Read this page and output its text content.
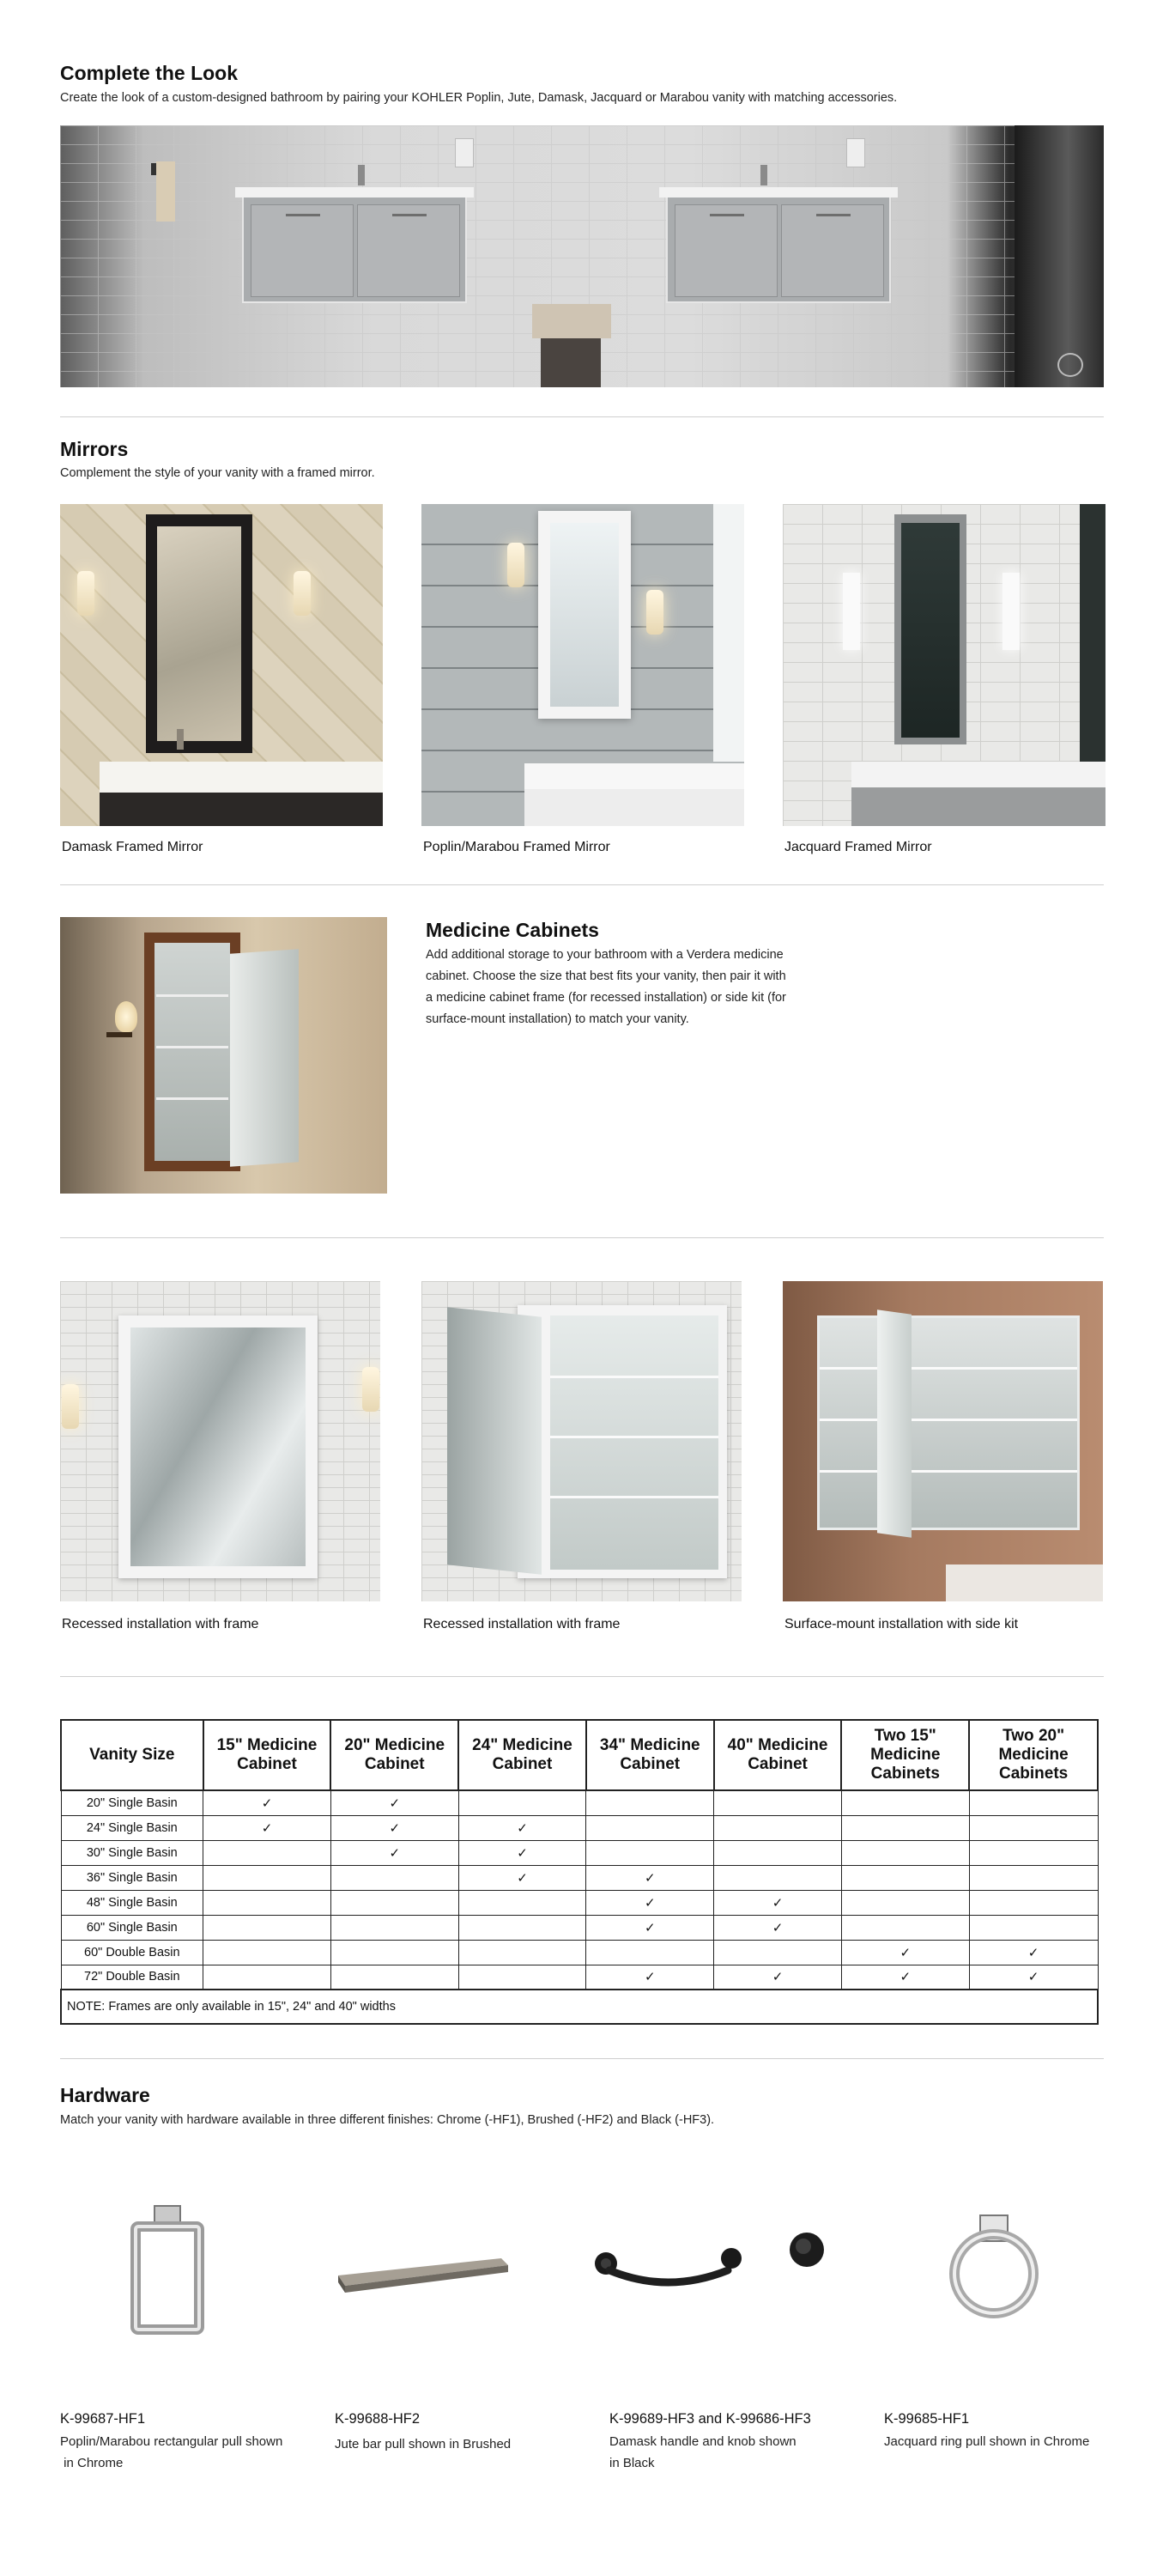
Complete the Look

Create the look of a custom-designed bathroom by pairing your KOHLER Poplin, Jute, Damask, Jacquard or Marabou vanity with matching accessories.

Mirrors

Complement the style of your vanity with a framed mirror.

Damask Framed Mirror	Poplin/Marabou Framed Mirror	Jacquard Framed Mirror
Medicine Cabinets

Add additional storage to your bathroom with a Verdera medicine

cabinet. Choose the size that best fits your vanity, then pair it with

a medicine cabinet frame (for recessed installation) or side kit (for

surface-mount installation) to match your vanity.

Recessed installation with frame	Recessed installation with frame	Surface-mount installation with side kit
Vanity Size	15" Medicine Cabinet	20" Medicine Cabinet	24" Medicine Cabinet	34" Medicine Cabinet	40" Medicine Cabinet	Two 15" Medicine Cabinets	Two 20" Medicine Cabinets
20" Single Basin	✓	✓					
24" Single Basin	✓	✓	✓				
30" Single Basin		✓	✓				
36" Single Basin			✓	✓			
48" Single Basin				✓	✓		
60" Single Basin				✓	✓		
60" Double Basin						✓	✓
72" Double Basin				✓	✓	✓	✓
NOTE: Frames are only available in 15", 24" and 40" widths							
Hardware

Match your vanity with hardware available in three different finishes: Chrome (-HF1), Brushed (-HF2) and Black (-HF3).

K-99687-HF1
Poplin/Marabou rectangular pull shown
in Chrome
K-99688-HF2
Jute bar pull shown in Brushed
K-99689-HF3 and K-99686-HF3
Damask handle and knob shown
in Black
K-99685-HF1
Jacquard ring pull shown in Chrome
